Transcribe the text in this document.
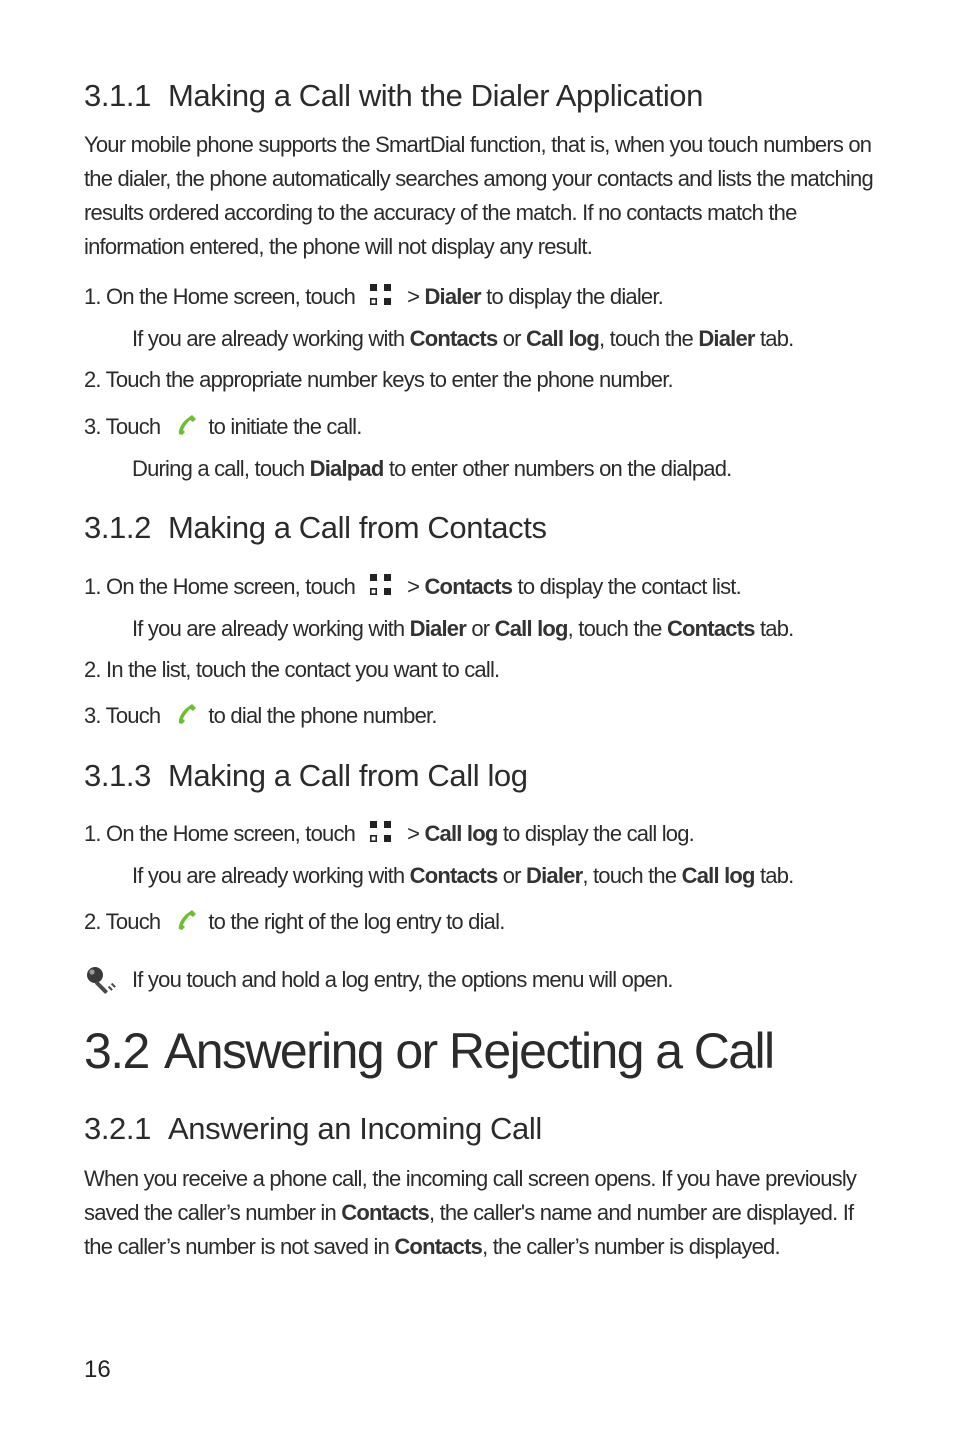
3.1.1 Making a Call with the Dialer Application

Your mobile phone supports the SmartDial function, that is, when you touch numbers on the dialer, the phone automatically searches among your contacts and lists the matching results ordered according to the accuracy of the match. If no contacts match the information entered, the phone will not display any result.

1. On the Home screen, touch > Dialer to display the dialer.
If you are already working with Contacts or Call log, touch the Dialer tab.
2. Touch the appropriate number keys to enter the phone number.
3. Touch to initiate the call.
During a call, touch Dialpad to enter other numbers on the dialpad.
3.1.2 Making a Call from Contacts
1. On the Home screen, touch > Contacts to display the contact list.
If you are already working with Dialer or Call log, touch the Contacts tab.
2. In the list, touch the contact you want to call.
3. Touch to dial the phone number.
3.1.3 Making a Call from Call log
1. On the Home screen, touch > Call log to display the call log.
If you are already working with Contacts or Dialer, touch the Call log tab.
2. Touch to the right of the log entry to dial.
If you touch and hold a log entry, the options menu will open.
3.2 Answering or Rejecting a Call
3.2.1 Answering an Incoming Call

When you receive a phone call, the incoming call screen opens. If you have previously saved the caller’s number in Contacts, the caller's name and number are displayed. If the caller’s number is not saved in Contacts, the caller’s number is displayed.

16
